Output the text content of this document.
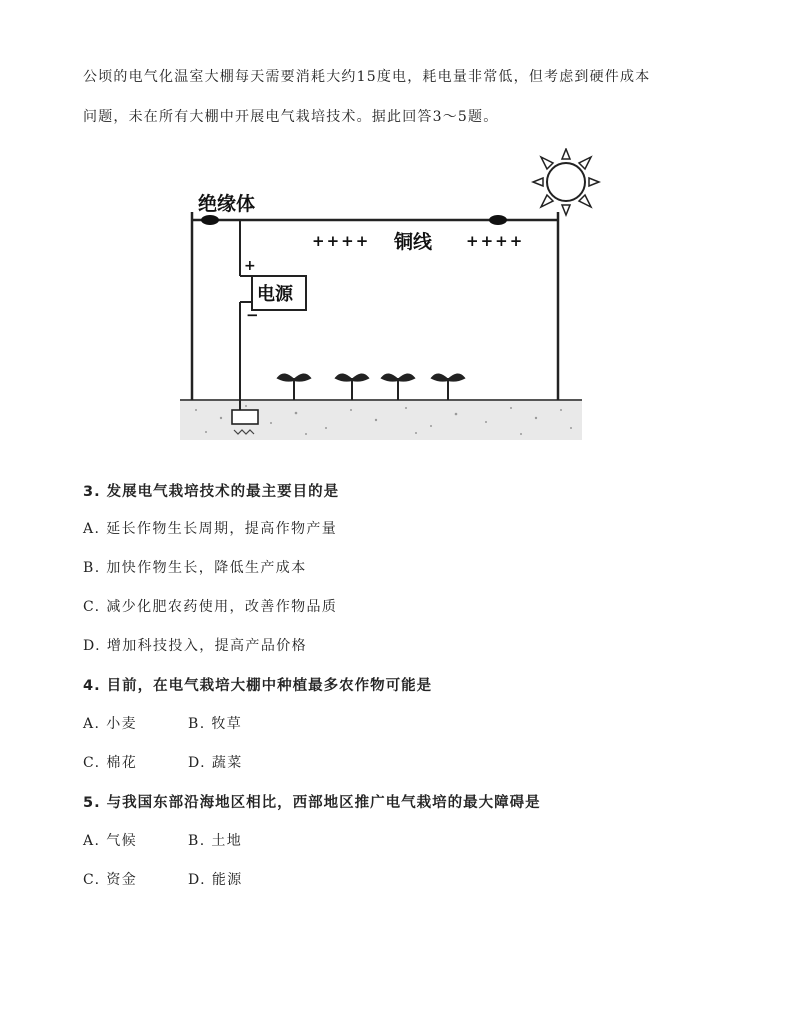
公顷的电气化温室大棚每天需要消耗大约15度电，耗电量非常低，但考虑到硬件成本
问题，未在所有大棚中开展电气栽培技术。据此回答3～5题。
绝缘体
铜线
电源
++++	++++
+
−
3. 发展电气栽培技术的最主要目的是
A. 延长作物生长周期，提高作物产量
B. 加快作物生长，降低生产成本
C. 减少化肥农药使用，改善作物品质
D. 增加科技投入，提高产品价格
4. 目前，在电气栽培大棚中种植最多农作物可能是
A. 小麦	B. 牧草
C. 棉花	D. 蔬菜
5. 与我国东部沿海地区相比，西部地区推广电气栽培的最大障碍是
A. 气候	B. 土地
C. 资金	D. 能源
